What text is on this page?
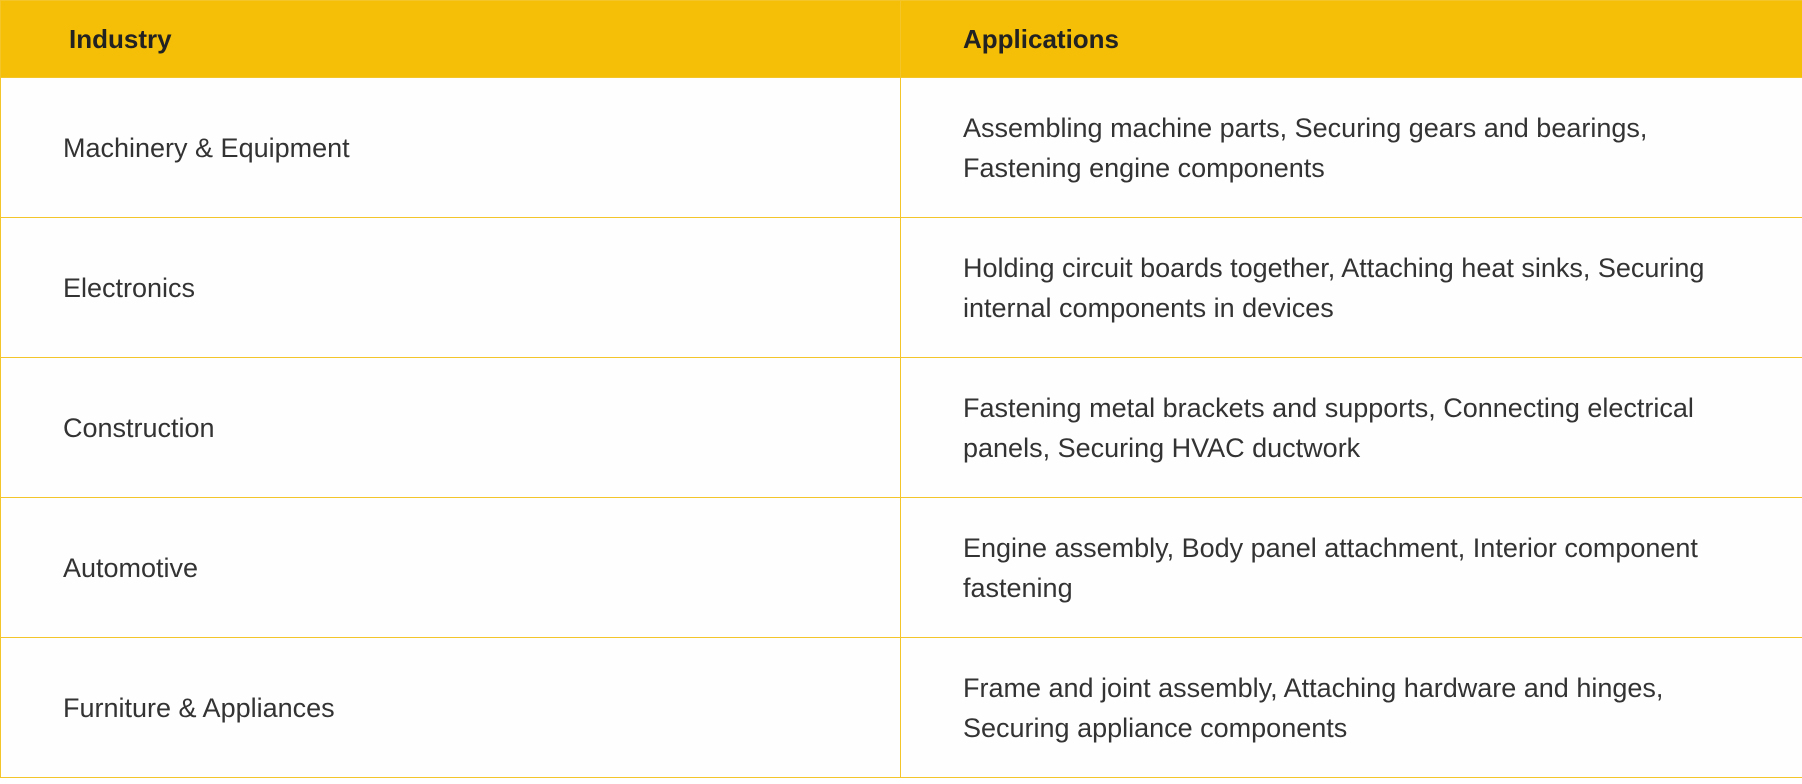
Industry	Applications
Machinery & Equipment	Assembling machine parts, Securing gears and bearings, Fastening engine components
Electronics	Holding circuit boards together, Attaching heat sinks, Securing internal components in devices
Construction	Fastening metal brackets and supports, Connecting electrical panels, Securing HVAC ductwork
Automotive	Engine assembly, Body panel attachment, Interior component fastening
Furniture & Appliances	Frame and joint assembly, Attaching hardware and hinges, Securing appliance components
